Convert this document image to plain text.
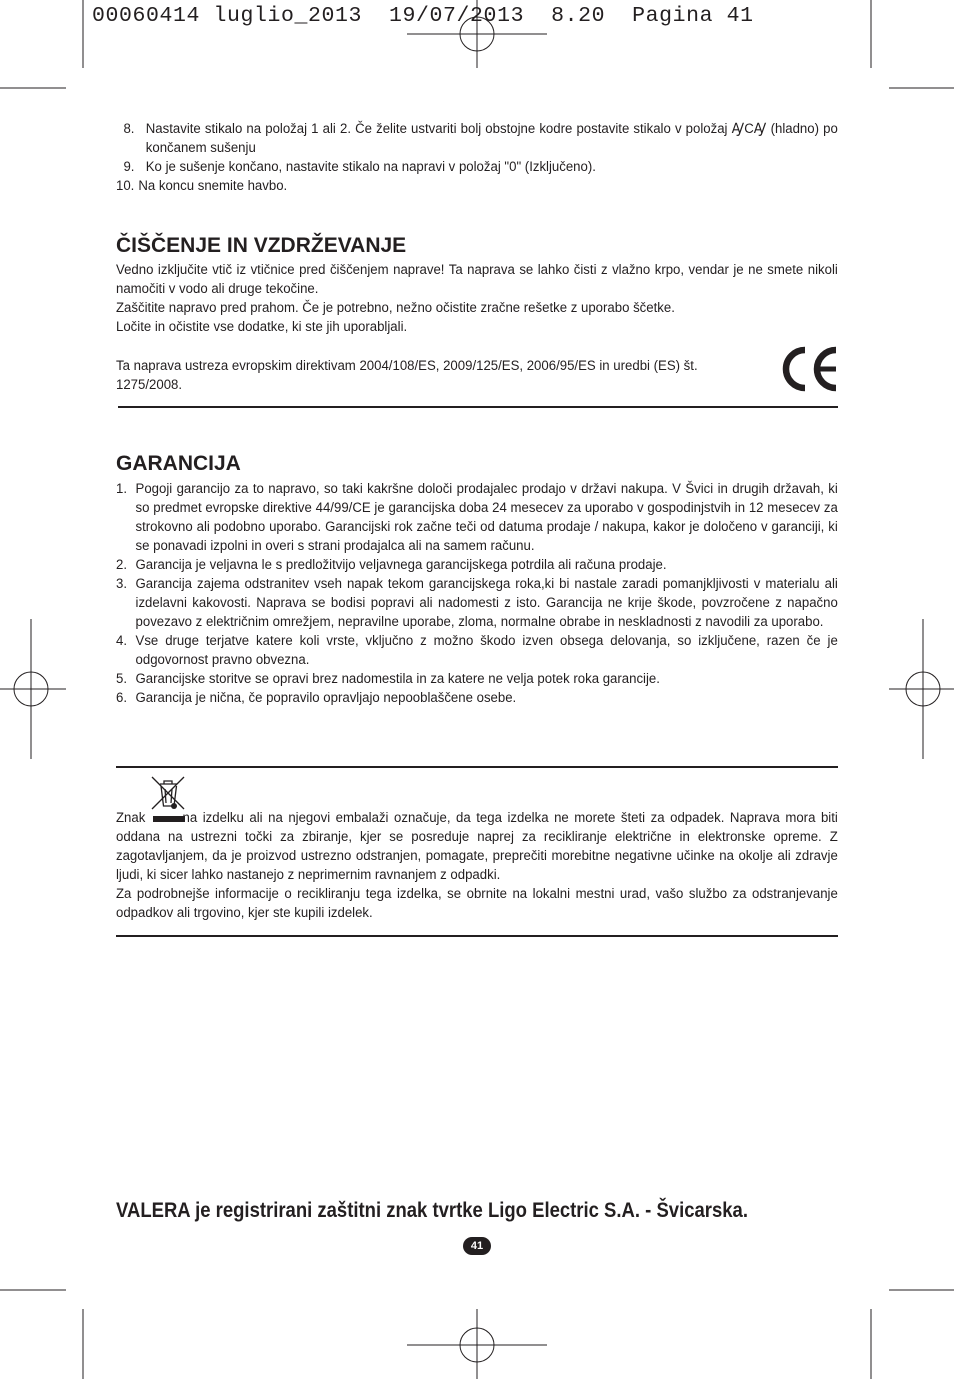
00060414 luglio_2013  19/07/2013  8.20  Pagina 41
8. Nastavite stikalo na položaj 1 ali 2. Če želite ustvariti bolj obstojne kodre postavite stikalo v položaj ꜼCꜼ (hladno) po končanem sušenju
9. Ko je sušenje končano, nastavite stikalo na napravi v položaj "0" (Izključeno).
10. Na koncu snemite havbo.
ČIŠČENJE IN VZDRŽEVANJE

Vedno izključite vtič iz vtičnice pred čiščenjem naprave! Ta naprava se lahko čisti z vlažno krpo, vendar je ne smete nikoli namočiti v vodo ali druge tekočine.

Zaščitite napravo pred prahom. Če je potrebno, nežno očistite zračne rešetke z uporabo ščetke.

Ločite in očistite vse dodatke, ki ste jih uporabljali.

Ta naprava ustreza evropskim direktivam 2004/108/ES, 2009/125/ES, 2006/95/ES in uredbi (ES) št. 1275/2008.

GARANCIJA
1. Pogoji garancijo za to napravo, so taki kakršne določi prodajalec prodajo v državi nakupa. V Švici in drugih državah, ki so predmet evropske direktive 44/99/CE je garancijska doba 24 mesecev za uporabo v gospodinjstvih in 12 mesecev za strokovno ali podobno uporabo. Garancijski rok začne teči od datuma prodaje / nakupa, kakor je določeno v garanciji, ki se ponavadi izpolni in overi s strani prodajalca ali na samem računu.
2. Garancija je veljavna le s predložitvijo veljavnega garancijskega potrdila ali računa prodaje.
3. Garancija zajema odstranitev vseh napak tekom garancijskega roka,ki bi nastale zaradi pomanjkljivosti v materialu ali izdelavni kakovosti. Naprava se bodisi popravi ali nadomesti z isto. Garancija ne krije škode, povzročene z napačno povezavo z električnim omrežjem, nepravilne uporabe, zloma, normalne obrabe in neskladnosti z navodili za uporabo.
4. Vse druge terjatve katere koli vrste, vključno z možno škodo izven obsega delovanja, so izključene, razen če je odgovornost pravno obvezna.
5. Garancijske storitve se opravi brez nadomestila in za katere ne velja potek roka garancije.
6. Garancija je nična, če popravilo opravljajo nepooblaščene osebe.

Znak	na izdelku ali na njegovi embalaži označuje, da tega izdelka ne morete šteti za odpadek. Naprava mora biti oddana na ustrezni točki za zbiranje, kjer se posreduje naprej za recikliranje električne in elektronske opreme. Z zagotavljanjem, da je proizvod ustrezno odstranjen, pomagate, preprečiti morebitne negativne učinke na okolje ali zdravje ljudi, ki sicer lahko nastanejo z neprimernim ravnanjem z odpadki.

Za podrobnejše informacije o recikliranju tega izdelka, se obrnite na lokalni mestni urad, vašo službo za odstranjevanje odpadkov ali trgovino, kjer ste kupili izdelek.

VALERA je registrirani zaštitni znak tvrtke Ligo Electric S.A. - Švicarska.
41
